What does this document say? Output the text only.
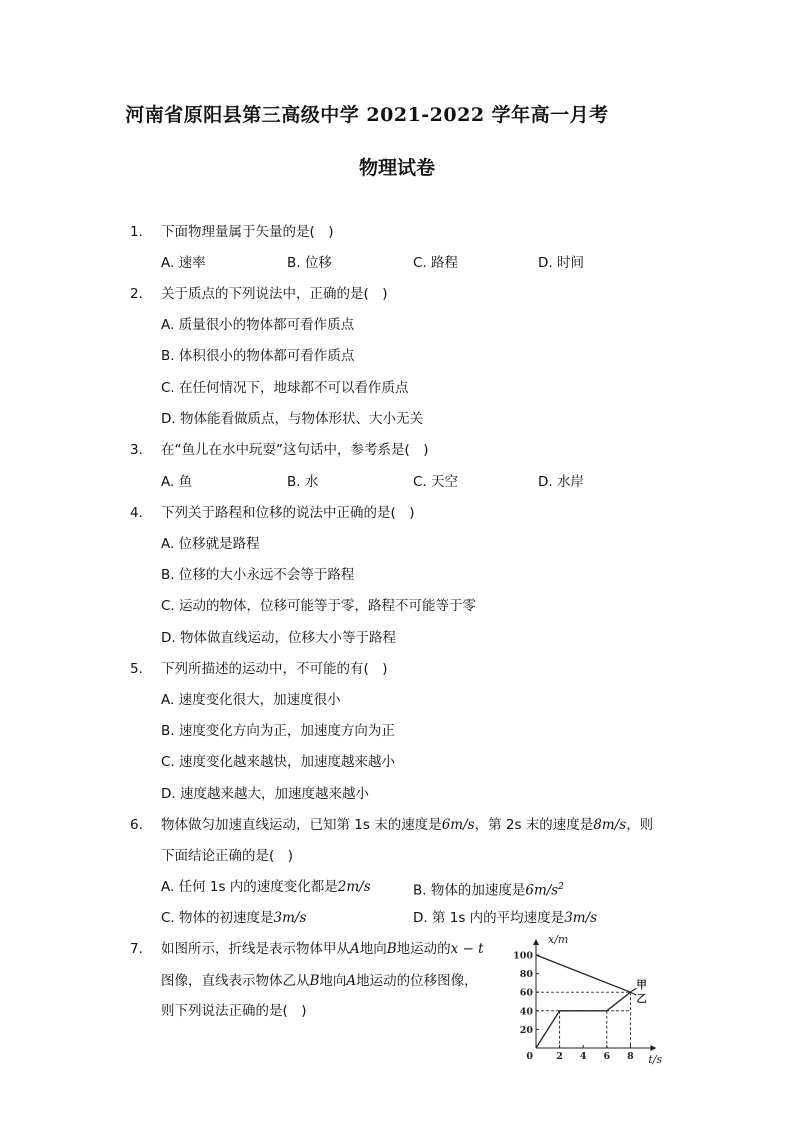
河南省原阳县第三高级中学 2021-2022 学年高一月考
物理试卷
1.	下面物理量属于矢量的是(　)
A. 速率	B. 位移	C. 路程	D. 时间
2.	关于质点的下列说法中，正确的是(　)
A. 质量很小的物体都可看作质点
B. 体积很小的物体都可看作质点
C. 在任何情况下，地球都不可以看作质点
D. 物体能看做质点，与物体形状、大小无关
3.	在“鱼儿在水中玩耍”这句话中，参考系是(　)
A. 鱼	B. 水	C. 天空	D. 水岸
4.	下列关于路程和位移的说法中正确的是(　)
A. 位移就是路程
B. 位移的大小永远不会等于路程
C. 运动的物体，位移可能等于零，路程不可能等于零
D. 物体做直线运动，位移大小等于路程
5.	下列所描述的运动中，不可能的有(　)
A. 速度变化很大，加速度很小
B. 速度变化方向为正，加速度方向为正
C. 速度变化越来越快，加速度越来越小
D. 速度越来越大，加速度越来越小
6.	物体做匀加速直线运动，已知第 1s 末的速度是6m/s，第 2s 末的速度是8m/s，则
下面结论正确的是(　)
A. 任何 1s 内的速度变化都是2m/s	B. 物体的加速度是$6m/s^2$
C. 物体的初速度是3m/s	D. 第 1s 内的平均速度是3m/s
7.	如图所示，折线是表示物体甲从A地向B地运动的x − t
图像，直线表示物体乙从B地向A地运动的位移图像，
则下列说法正确的是(　)
x/m
t/s
20
40
60
80
100
0 2 4 6 8
甲
乙
